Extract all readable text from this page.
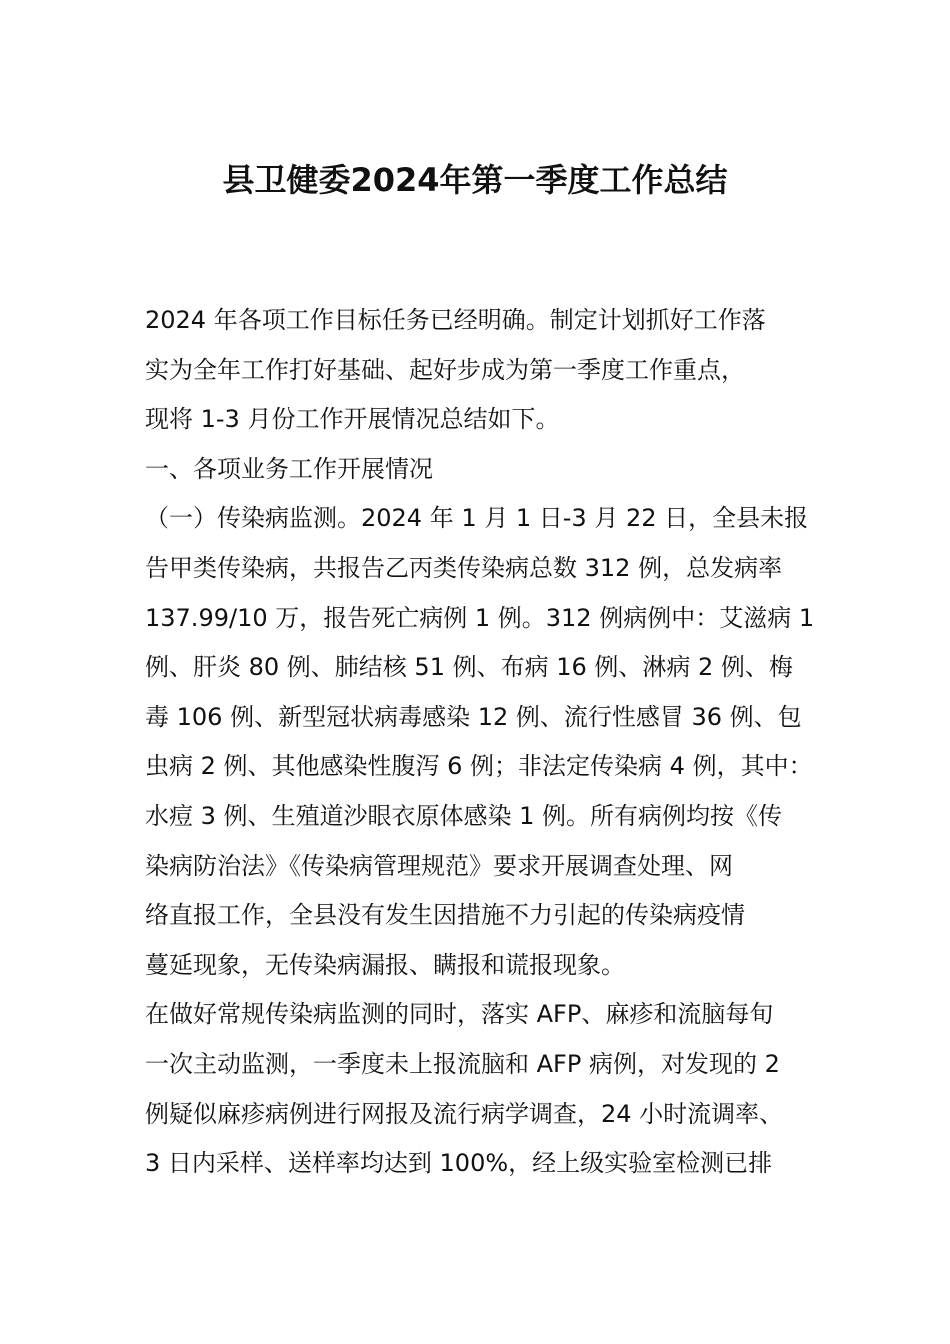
县卫健委2024年第一季度工作总结
2024 年各项工作目标任务已经明确。制定计划抓好工作落
实为全年工作打好基础、起好步成为第一季度工作重点，
现将 1-3 月份工作开展情况总结如下。
一、各项业务工作开展情况
（一）传染病监测。2024 年 1 月 1 日-3 月 22 日，全县未报
告甲类传染病，共报告乙丙类传染病总数 312 例，总发病率
137.99/10 万，报告死亡病例 1 例。312 例病例中：艾滋病 1
例、肝炎 80 例、肺结核 51 例、布病 16 例、淋病 2 例、梅
毒 106 例、新型冠状病毒感染 12 例、流行性感冒 36 例、包
虫病 2 例、其他感染性腹泻 6 例；非法定传染病 4 例，其中：
水痘 3 例、生殖道沙眼衣原体感染 1 例。所有病例均按《传
染病防治法》《传染病管理规范》要求开展调查处理、网
络直报工作，全县没有发生因措施不力引起的传染病疫情
蔓延现象，无传染病漏报、瞒报和谎报现象。
在做好常规传染病监测的同时，落实 AFP、麻疹和流脑每旬
一次主动监测，一季度未上报流脑和 AFP 病例，对发现的 2
例疑似麻疹病例进行网报及流行病学调查，24 小时流调率、
3 日内采样、送样率均达到 100%，经上级实验室检测已排
